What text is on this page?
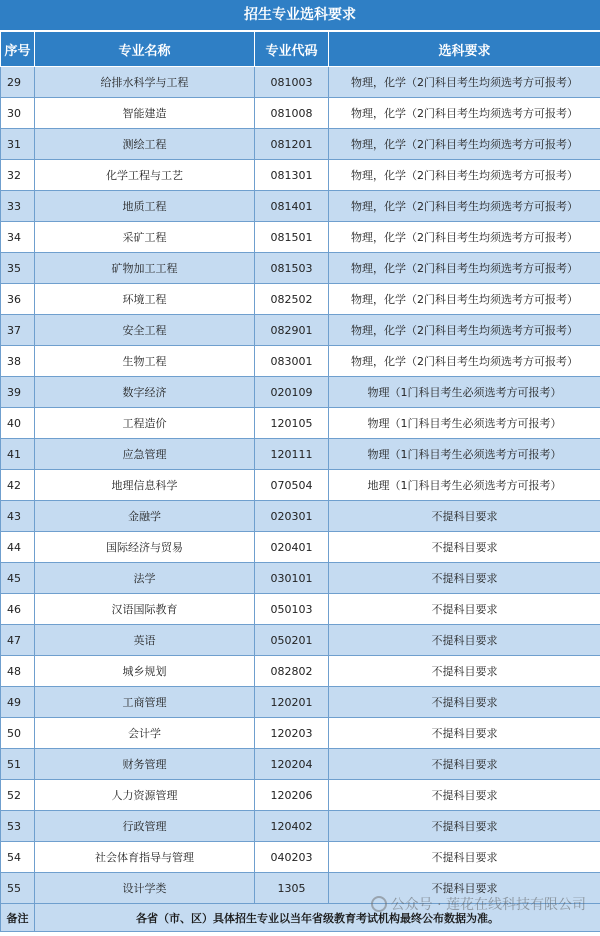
招生专业选科要求
序号	专业名称	专业代码	选科要求
29	给排水科学与工程	081003	物理，化学（2门科目考生均须选考方可报考）
30	智能建造	081008	物理，化学（2门科目考生均须选考方可报考）
31	测绘工程	081201	物理，化学（2门科目考生均须选考方可报考）
32	化学工程与工艺	081301	物理，化学（2门科目考生均须选考方可报考）
33	地质工程	081401	物理，化学（2门科目考生均须选考方可报考）
34	采矿工程	081501	物理，化学（2门科目考生均须选考方可报考）
35	矿物加工工程	081503	物理，化学（2门科目考生均须选考方可报考）
36	环境工程	082502	物理，化学（2门科目考生均须选考方可报考）
37	安全工程	082901	物理，化学（2门科目考生均须选考方可报考）
38	生物工程	083001	物理，化学（2门科目考生均须选考方可报考）
39	数字经济	020109	物理（1门科目考生必须选考方可报考）
40	工程造价	120105	物理（1门科目考生必须选考方可报考）
41	应急管理	120111	物理（1门科目考生必须选考方可报考）
42	地理信息科学	070504	地理（1门科目考生必须选考方可报考）
43	金融学	020301	不提科目要求
44	国际经济与贸易	020401	不提科目要求
45	法学	030101	不提科目要求
46	汉语国际教育	050103	不提科目要求
47	英语	050201	不提科目要求
48	城乡规划	082802	不提科目要求
49	工商管理	120201	不提科目要求
50	会计学	120203	不提科目要求
51	财务管理	120204	不提科目要求
52	人力资源管理	120206	不提科目要求
53	行政管理	120402	不提科目要求
54	社会体育指导与管理	040203	不提科目要求
55	设计学类	1305	不提科目要求
备注	各省（市、区）具体招生专业以当年省级教育考试机构最终公布数据为准。		
公众号 · 莲花在线科技有限公司
